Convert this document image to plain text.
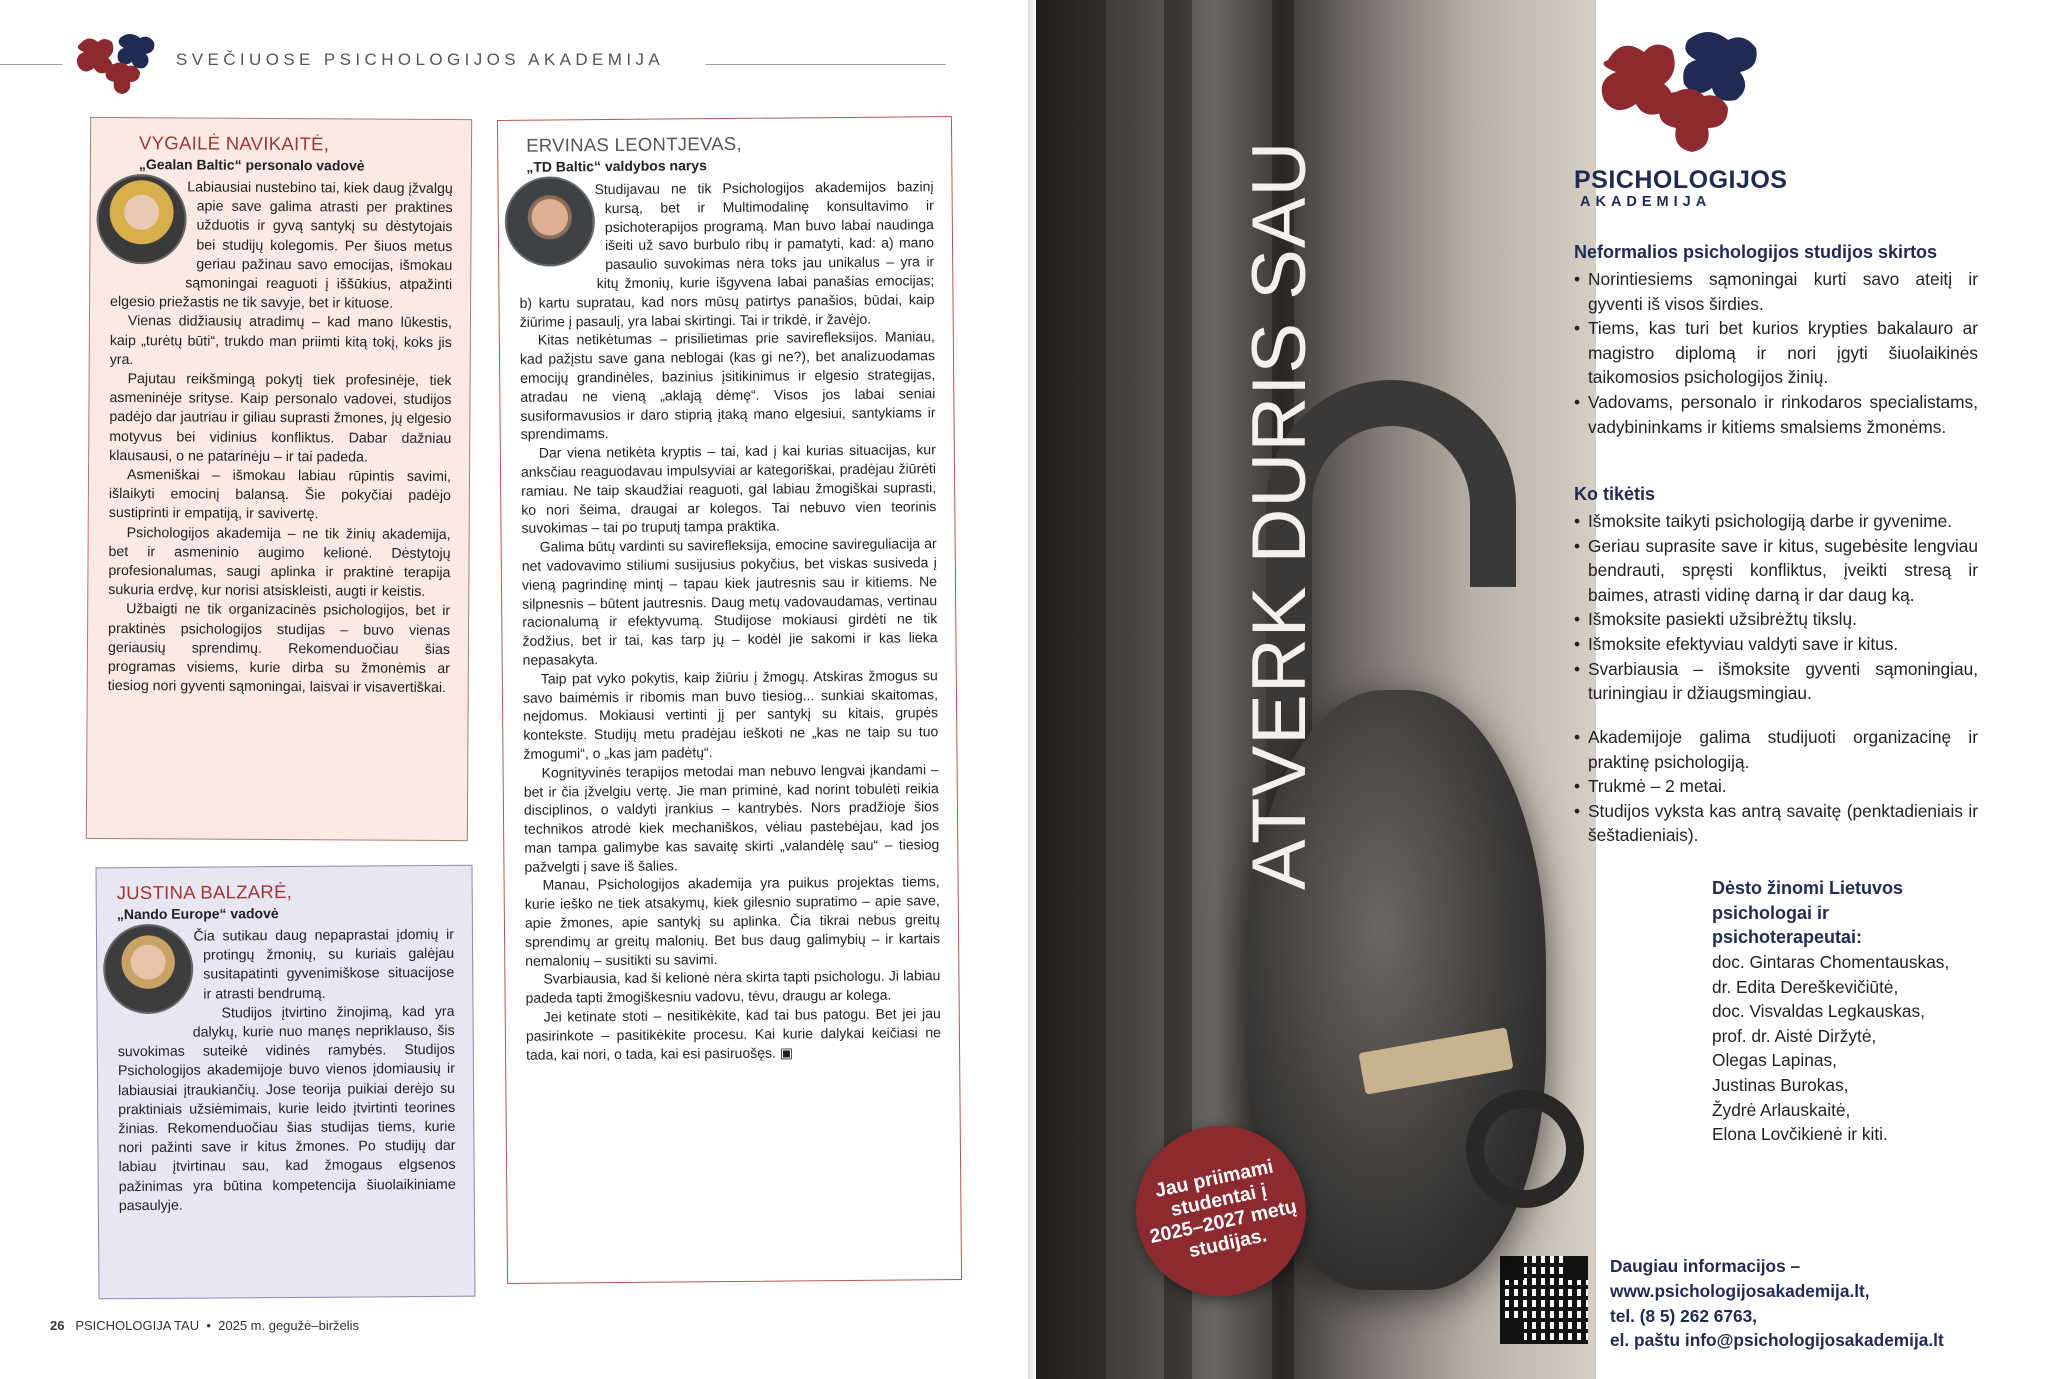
SVEČIUOSE PSICHOLOGIJOS AKADEMIJA
VYGAILĖ NAVIKAITĖ,
„Gealan Baltic“ personalo vadovė

Labiausiai nustebino tai, kiek daug įžvalgų apie save galima atrasti per praktines užduotis ir gyvą santykį su dėstytojais bei studijų kolegomis. Per šiuos metus geriau pažinau savo emocijas, išmokau sąmoningai reaguoti į iššūkius, atpažinti elgesio priežastis ne tik savyje, bet ir kituose.

Vienas didžiausių atradimų – kad mano lūkestis, kaip „turėtų būti“, trukdo man priimti kitą tokį, koks jis yra.

Pajutau reikšmingą pokytį tiek profesinėje, tiek asmeninėje srityse. Kaip personalo vadovei, studijos padėjo dar jautriau ir giliau suprasti žmones, jų elgesio motyvus bei vidinius konfliktus. Dabar dažniau klausausi, o ne patarinėju – ir tai padeda.

Asmeniškai – išmokau labiau rūpintis savimi, išlaikyti emocinį balansą. Šie pokyčiai padėjo sustiprinti ir empatiją, ir savivertę.

Psichologijos akademija – ne tik žinių akademija, bet ir asmeninio augimo kelionė. Dėstytojų profesionalumas, saugi aplinka ir praktinė terapija sukuria erdvę, kur norisi atsiskleisti, augti ir keistis.

Užbaigti ne tik organizacinės psichologijos, bet ir praktinės psichologijos studijas – buvo vienas geriausių sprendimų. Rekomenduočiau šias programas visiems, kurie dirba su žmonėmis ar tiesiog nori gyventi sąmoningai, laisvai ir visavertiškai.

JUSTINA BALZARĖ,
„Nando Europe“ vadovė

Čia sutikau daug nepaprastai įdomių ir protingų žmonių, su kuriais galėjau susitapatinti gyvenimiškose situacijose ir atrasti bendrumą.

Studijos įtvirtino žinojimą, kad yra dalykų, kurie nuo manęs nepriklauso, šis suvokimas suteikė vidinės ramybės. Studijos Psichologijos akademijoje buvo vienos įdomiausių ir labiausiai įtraukiančių. Jose teorija puikiai derėjo su praktiniais užsiėmimais, kurie leido įtvirtinti teorines žinias. Rekomenduočiau šias studijas tiems, kurie nori pažinti save ir kitus žmones. Po studijų dar labiau įtvirtinau sau, kad žmogaus elgsenos pažinimas yra būtina kompetencija šiuolaikiniame pasaulyje.

ERVINAS LEONTJEVAS,
„TD Baltic“ valdybos narys

Studijavau ne tik Psichologijos akademijos bazinį kursą, bet ir Multimodalinę konsultavimo ir psichoterapijos programą. Man buvo labai naudinga išeiti už savo burbulo ribų ir pamatyti, kad: a) mano pasaulio suvokimas nėra toks jau unikalus – yra ir kitų žmonių, kurie išgyvena labai panašias emocijas; b) kartu supratau, kad nors mūsų patirtys panašios, būdai, kaip žiūrime į pasaulį, yra labai skirtingi. Tai ir trikdė, ir žavėjo.

Kitas netikėtumas – prisilietimas prie savirefleksijos. Maniau, kad pažįstu save gana neblogai (kas gi ne?), bet analizuodamas emocijų grandinėles, bazinius įsitikinimus ir elgesio strategijas, atradau ne vieną „aklają dėmę“. Visos jos labai seniai susiformavusios ir daro stiprią įtaką mano elgesiui, santykiams ir sprendimams.

Dar viena netikėta kryptis – tai, kad į kai kurias situacijas, kur anksčiau reaguodavau impulsyviai ar kategoriškai, pradėjau žiūrėti ramiau. Ne taip skaudžiai reaguoti, gal labiau žmogiškai suprasti, ko nori šeima, draugai ar kolegos. Tai nebuvo vien teorinis suvokimas – tai po truputį tampa praktika.

Galima būtų vardinti su savirefleksija, emocine savireguliacija ar net vadovavimo stiliumi susijusius pokyčius, bet viskas susiveda į vieną pagrindinę mintį – tapau kiek jautresnis sau ir kitiems. Ne silpnesnis – būtent jautresnis. Daug metų vadovaudamas, vertinau racionalumą ir efektyvumą. Studijose mokiausi girdėti ne tik žodžius, bet ir tai, kas tarp jų – kodėl jie sakomi ir kas lieka nepasakyta.

Taip pat vyko pokytis, kaip žiūriu į žmogų. Atskiras žmogus su savo baimėmis ir ribomis man buvo tiesiog... sunkiai skaitomas, neįdomus. Mokiausi vertinti jį per santykį su kitais, grupės kontekste. Studijų metu pradėjau ieškoti ne „kas ne taip su tuo žmogumi“, o „kas jam padėtų“.

Kognityvinės terapijos metodai man nebuvo lengvai įkandami – bet ir čia įžvelgiu vertę. Jie man priminė, kad norint tobulėti reikia disciplinos, o valdyti įrankius – kantrybės. Nors pradžioje šios technikos atrodė kiek mechaniškos, vėliau pastebėjau, kad jos man tampa galimybe kas savaitę skirti „valandėlę sau“ – tiesiog pažvelgti į save iš šalies.

Manau, Psichologijos akademija yra puikus projektas tiems, kurie ieško ne tiek atsakymų, kiek gilesnio supratimo – apie save, apie žmones, apie santykį su aplinka. Čia tikrai nebus greitų sprendimų ar greitų malonių. Bet bus daug galimybių – ir kartais nemalonių – susitikti su savimi.

Svarbiausia, kad ši kelionė nėra skirta tapti psichologu. Ji labiau padeda tapti žmogiškesniu vadovu, tėvu, draugu ar kolega.

Jei ketinate stoti – nesitikėkite, kad tai bus patogu. Bet jei jau pasirinkote – pasitikėkite procesu. Kai kurie dalykai keičiasi ne tada, kai nori, o tada, kai esi pasiruošęs. ▣

26 PSICHOLOGIJA TAU • 2025 m. gegužė–birželis
ATVERK DURIS SAU
Jau priimami studentai į 2025–2027 metų studijas.
PSICHOLOGIJOS
AKADEMIJA
Neformalios psichologijos studijos skirtos
• Norintiesiems sąmoningai kurti savo ateitį ir gyventi iš visos širdies.
• Tiems, kas turi bet kurios krypties bakalauro ar magistro diplomą ir nori įgyti šiuolaikinės taikomosios psichologijos žinių.
• Vadovams, personalo ir rinkodaros specialistams, vadybininkams ir kitiems smalsiems žmonėms.
Ko tikėtis
• Išmoksite taikyti psichologiją darbe ir gyvenime.
• Geriau suprasite save ir kitus, sugebėsite lengviau bendrauti, spręsti konfliktus, įveikti stresą ir baimes, atrasti vidinę darną ir dar daug ką.
• Išmoksite pasiekti užsibrėžtų tikslų.
• Išmoksite efektyviau valdyti save ir kitus.
• Svarbiausia – išmoksite gyventi sąmoningiau, turiningiau ir džiaugsmingiau.
• Akademijoje galima studijuoti organizacinę ir praktinę psichologiją.
• Trukmė – 2 metai.
• Studijos vyksta kas antrą savaitę (penktadieniais ir šeštadieniais).
Dėsto žinomi Lietuvos psichologai ir psichoterapeutai:
doc. Gintaras Chomentauskas,
dr. Edita Dereškevičiūtė,
doc. Visvaldas Legkauskas,
prof. dr. Aistė Diržytė,
Olegas Lapinas,
Justinas Burokas,
Žydrė Arlauskaitė,
Elona Lovčikienė ir kiti.
Daugiau informacijos –
www.psichologijosakademija.lt,
tel. (8 5) 262 6763,
el. paštu info@psichologijosakademija.lt
